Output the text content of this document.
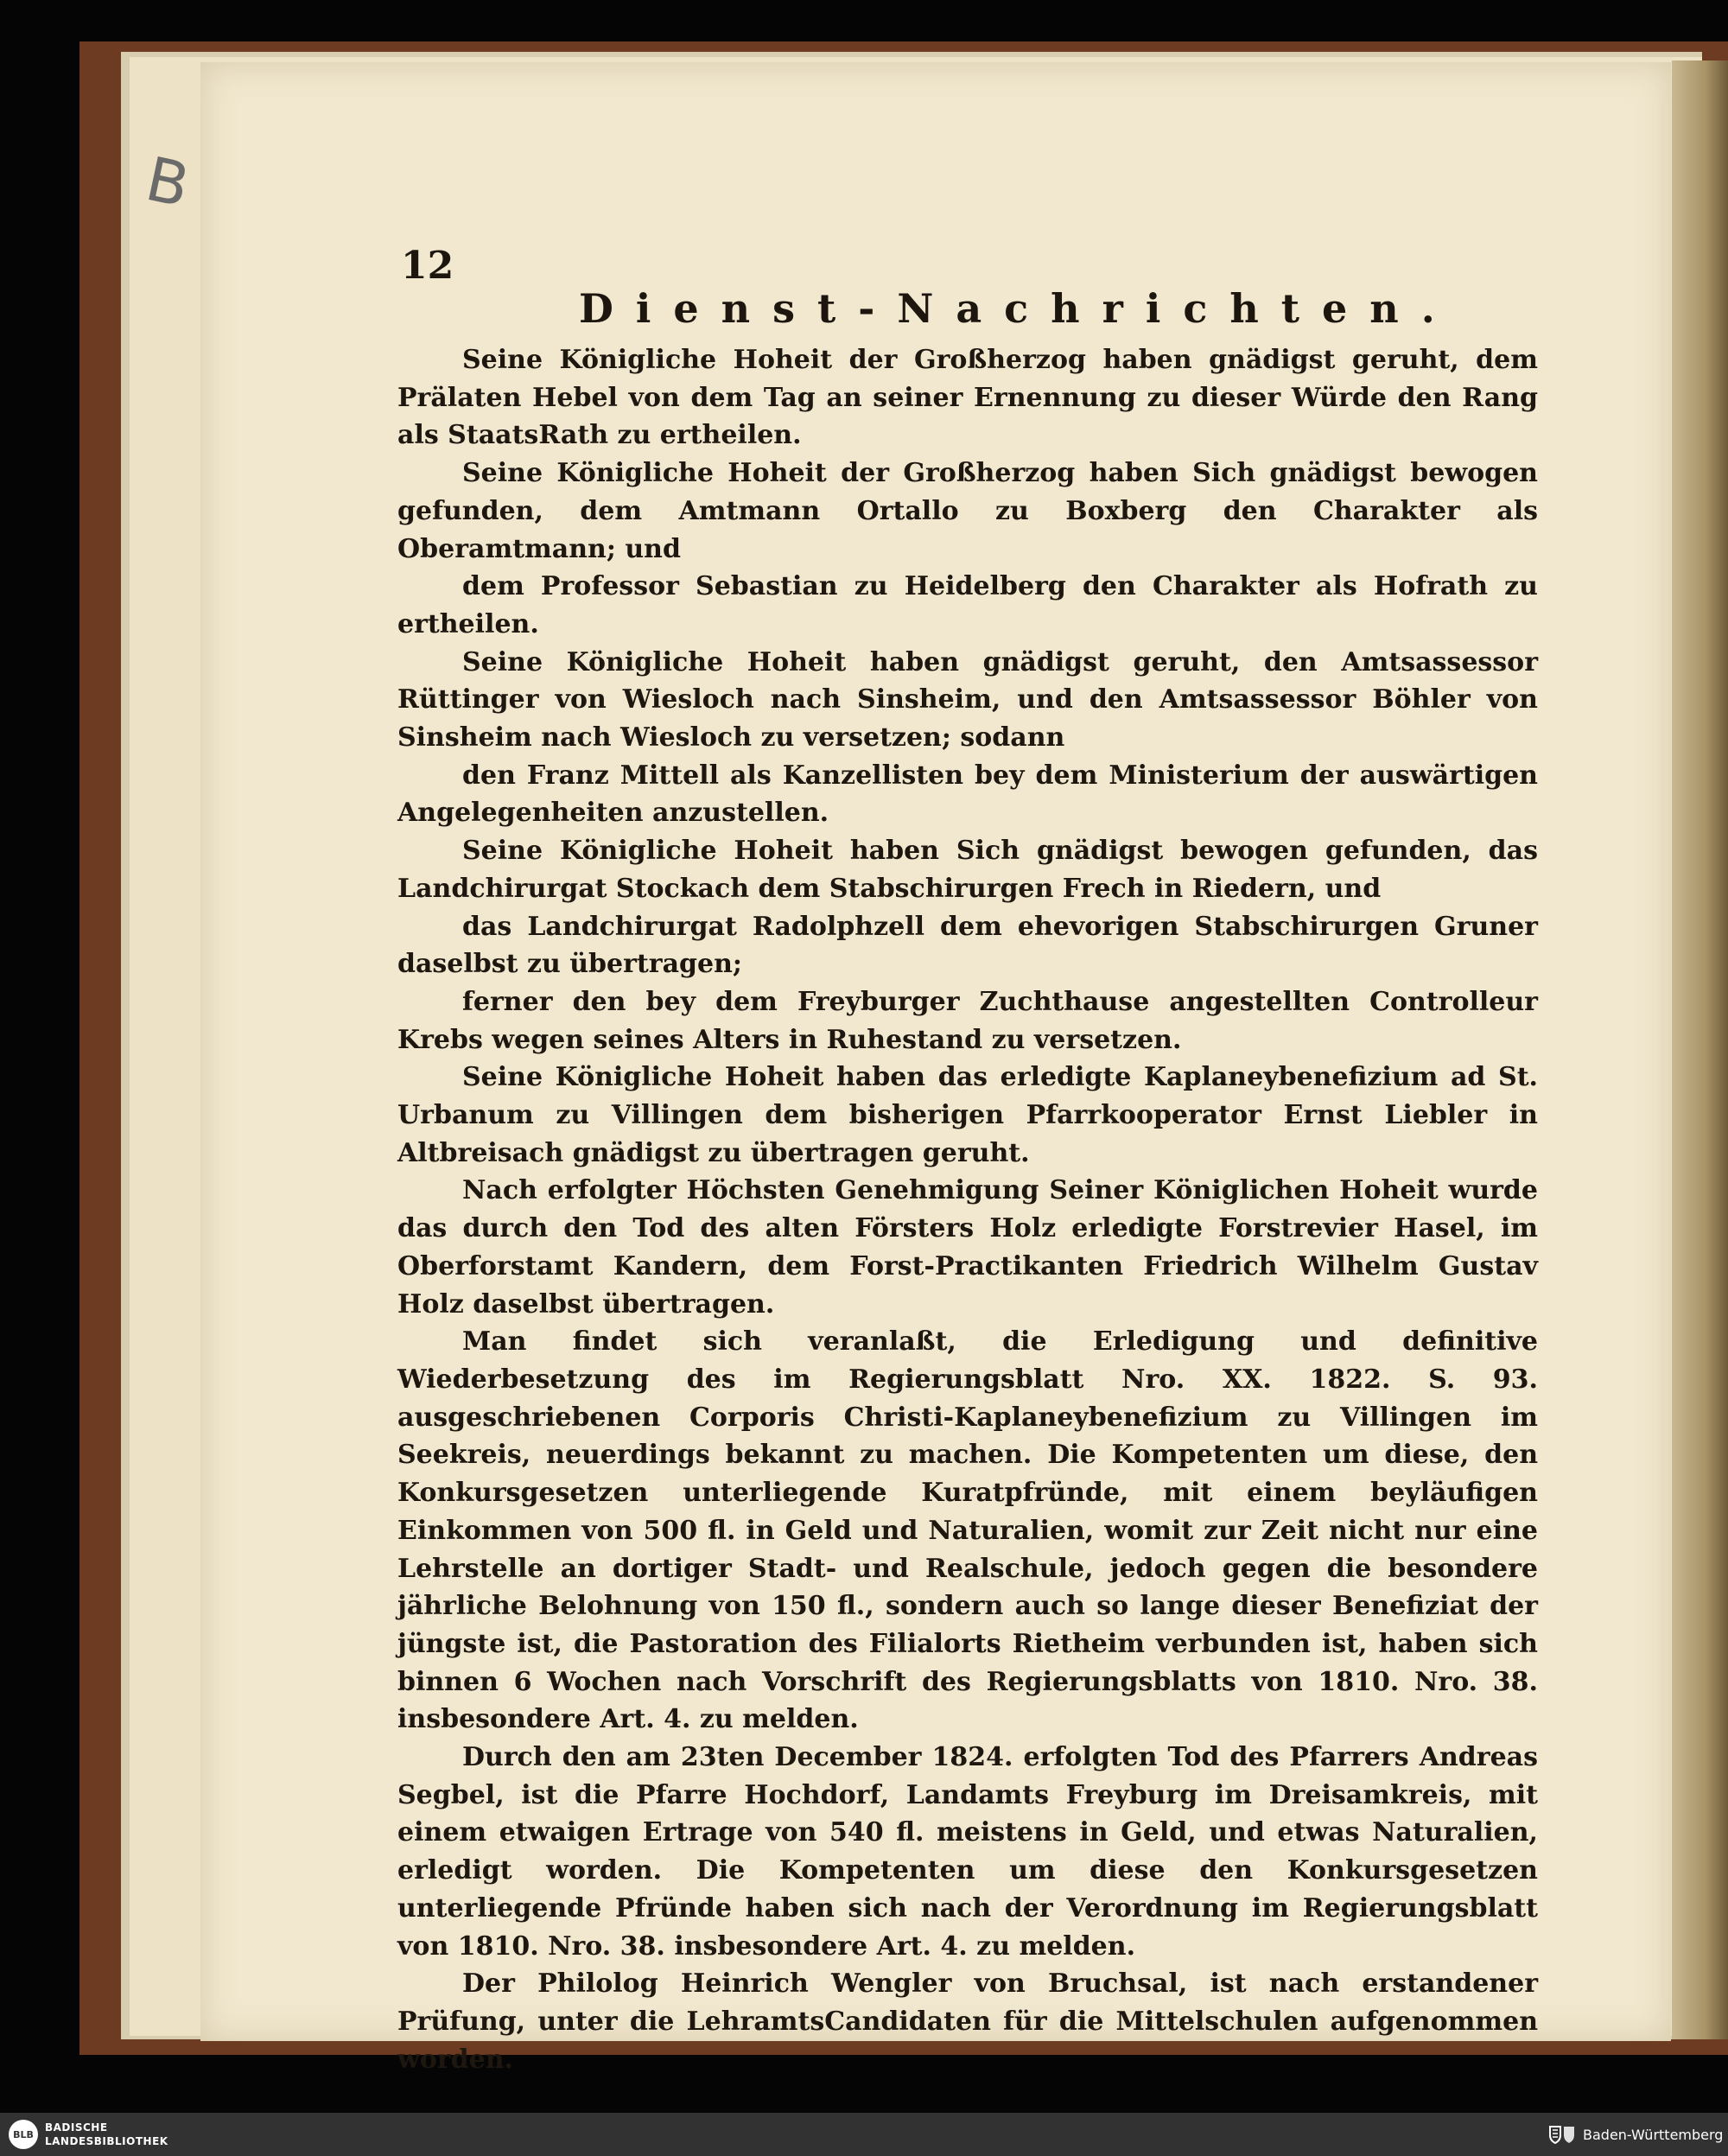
B
12
Dienst-Nachrichten.

Seine Königliche Hoheit der Großherzog haben gnädigst geruht, dem Prälaten Hebel von dem Tag an seiner Ernennung zu dieser Würde den Rang als StaatsRath zu ertheilen.

Seine Königliche Hoheit der Großherzog haben Sich gnädigst bewogen gefunden, dem Amtmann Ortallo zu Boxberg den Charakter als Oberamtmann; und

dem Professor Sebastian zu Heidelberg den Charakter als Hofrath zu ertheilen.

Seine Königliche Hoheit haben gnädigst geruht, den Amtsassessor Rüttinger von Wiesloch nach Sinsheim, und den Amtsassessor Böhler von Sinsheim nach Wiesloch zu versetzen; sodann

den Franz Mittell als Kanzellisten bey dem Ministerium der auswärtigen Angelegenheiten anzustellen.

Seine Königliche Hoheit haben Sich gnädigst bewogen gefunden, das Landchirurgat Stockach dem Stabschirurgen Frech in Riedern, und

das Landchirurgat Radolphzell dem ehevorigen Stabschirurgen Gruner daselbst zu übertragen;

ferner den bey dem Freyburger Zuchthause angestellten Controlleur Krebs wegen seines Alters in Ruhestand zu versetzen.

Seine Königliche Hoheit haben das erledigte Kaplaneybenefizium ad St. Urbanum zu Villingen dem bisherigen Pfarrkooperator Ernst Liebler in Altbreisach gnädigst zu übertragen geruht.

Nach erfolgter Höchsten Genehmigung Seiner Königlichen Hoheit wurde das durch den Tod des alten Försters Holz erledigte Forstrevier Hasel, im Oberforstamt Kandern, dem Forst-Practikanten Friedrich Wilhelm Gustav Holz daselbst übertragen.

Man findet sich veranlaßt, die Erledigung und definitive Wiederbesetzung des im Regierungsblatt Nro. XX. 1822. S. 93. ausgeschriebenen Corporis Christi-Kaplaneybenefizium zu Villingen im Seekreis, neuerdings bekannt zu machen. Die Kompetenten um diese, den Konkursgesetzen unterliegende Kuratpfründe, mit einem beyläufigen Einkommen von 500 fl. in Geld und Naturalien, womit zur Zeit nicht nur eine Lehrstelle an dortiger Stadt- und Realschule, jedoch gegen die besondere jährliche Belohnung von 150 fl., sondern auch so lange dieser Benefiziat der jüngste ist, die Pastoration des Filialorts Rietheim verbunden ist, haben sich binnen 6 Wochen nach Vorschrift des Regierungsblatts von 1810. Nro. 38. insbesondere Art. 4. zu melden.

Durch den am 23ten December 1824. erfolgten Tod des Pfarrers Andreas Segbel, ist die Pfarre Hochdorf, Landamts Freyburg im Dreisamkreis, mit einem etwaigen Ertrage von 540 fl. meistens in Geld, und etwas Naturalien, erledigt worden. Die Kompetenten um diese den Konkursgesetzen unterliegende Pfründe haben sich nach der Verordnung im Regierungsblatt von 1810. Nro. 38. insbesondere Art. 4. zu melden.

Der Philolog Heinrich Wengler von Bruchsal, ist nach erstandener Prüfung, unter die LehramtsCandidaten für die Mittelschulen aufgenommen worden.

BLB
BADISCHE
LANDESBIBLIOTHEK	Baden-Württemberg
